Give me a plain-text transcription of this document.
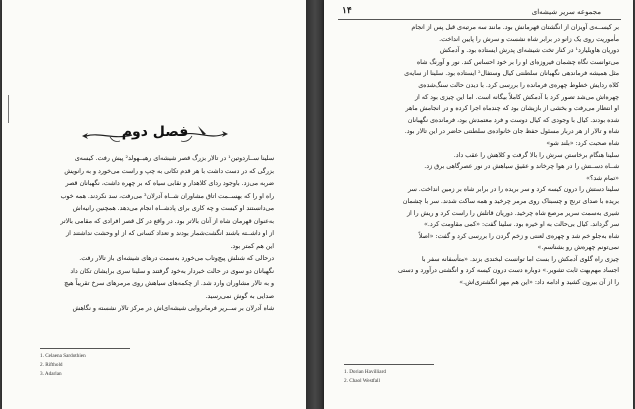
فصل دوم
سلینا ســاردوتین¹ در تالار بزرگ قصر شیشه‌ای رهبــهولد² پیش رفت. کیسه‌ی
بزرگی که در دست داشت با هر قدم تکانی به چپ و راست می‌خورد و به رانویش
ضربه می‌زد. باوجود ردای کلاهدار و نقابی سیاه که بر چهره داشت، نگهبانان قصر
راه او را که بهســمت اتاق مشاوران شــاه آدرلان³ می‌رفت، سد نکردند. همه خوب
می‌دانستند او کیست و چه کاری برای پادشــاه انجام می‌دهد. همچنین رانیه‌اش
به‌عنوان قهرمان شاه از آنان بالاتر بود. در واقع در کل قصر افرادی که مقامی بالاتر
از او داشــته باشند انگشت‌شمار بودند و تعداد کسانی که از او وحشت نداشتند از
این هم کمتر بود.
درحالی که شنلش پیچ‌وتاب می‌خورد به‌سمت درهای شیشه‌ای باز تالار رفت.
نگهبانان دو سوی در حالت خبردار به‌خود گرفتند و سلینا سری برایشان تکان داد
و به تالار مشاوران وارد شد. از چکمه‌های سیاهش روی مرمرهای سرخ تقریباً هیچ
صدایی به گوش نمی‌رسید.
شاه آدرلان بر ســریر فرمانروایی شیشه‌ای‌اش در مرکز تالار نشسته و نگاهش
1. Celaena Sardothien
2. Rifthold
3. Adarlan
۱۴	مجموعه سریر شیشه‌ای
بر کیســه‌ی آویزان از انگشتان قهرمانش بود. مانند سه مرتبه‌ی قبل پس از انجام
مأموریت روی یک زانو در برابر شاه نشست و سرش را پایین انداخت.
دوریان هاویلیارد¹ در کنار تخت شیشه‌ای پدرش ایستاده بود. و آدمکش
می‌توانست نگاه چشمان فیروزه‌ای او را بر خود احساس کند. نور و آورنگ شاه
مثل همیشه فرماندهی نگهبانان سلطنتی کیال وستفال² ایستاده بود. سلینا از سایه‌ی
کلاه ردایش خطوط چهره‌ی فرمانده را بررسی کرد. با دیدن حالت سنگ‌شده‌ی
چهره‌اش می‌شد تصور کرد با آدمکش کاملاً بیگانه است. اما این چیزی بود که از
او انتظار می‌رفت و بخشی از بازیشان بود که چندماه اجرا کرده و در انجامش ماهر
شده بودند. کیال با وجودی که کیال دوست و فرد معتمدش بود، فرمانده‌ی نگهبانان
شاه و تالار از هر دربار مسئول حفظ جان خانواده‌ی سلطنتی حاضر در این تالار بود.
شاه صحبت کرد: «بلند شو»
سلینا هنگام برخاستن سرش را بالا گرفت و کلاهش را عقب داد.
شــاه دســتش را در هوا چرخاند و عقیق سیاهش در نور عصرگاهی برق زد.
«تمام شد؟»
سلینا دستش را درون کیسه کرد و سر بریده را در برابر شاه بر زمین انداخت. سر
بریده با صدای ترنج و چسبناک روی مرمر چرخید و همه ساکت شدند. سر با چشمان
شیری به‌سمت سریر مرصع شاه چرخید. دوریان قاتلش را راست کرد و ریش را از
سر گرداند. کیال بی‌حالت به او خیره بود. سلینا گفت: «کمی مقاومت کرد.»
شاه به‌جلو خم شد و چهره‌ی لعنتی و زخم گردن را بررسی کرد و گفت: «اصلاً
نمی‌تونم چهره‌ش رو بشناسم.»
چیزی راه گلوی آدمکش را بست اما توانست لبخندی بزند. «متأسفانه سفر با
اجساد مهم‌بهت ثابت تشویر.» دوباره دست درون کیسه کرد و انگشتی درآورد و دستی
را از آن بیرون کشید و ادامه داد: «این هم مهر انگشتری‌اش.»
1. Dorian Havilliard
2. Chaol Westfall
